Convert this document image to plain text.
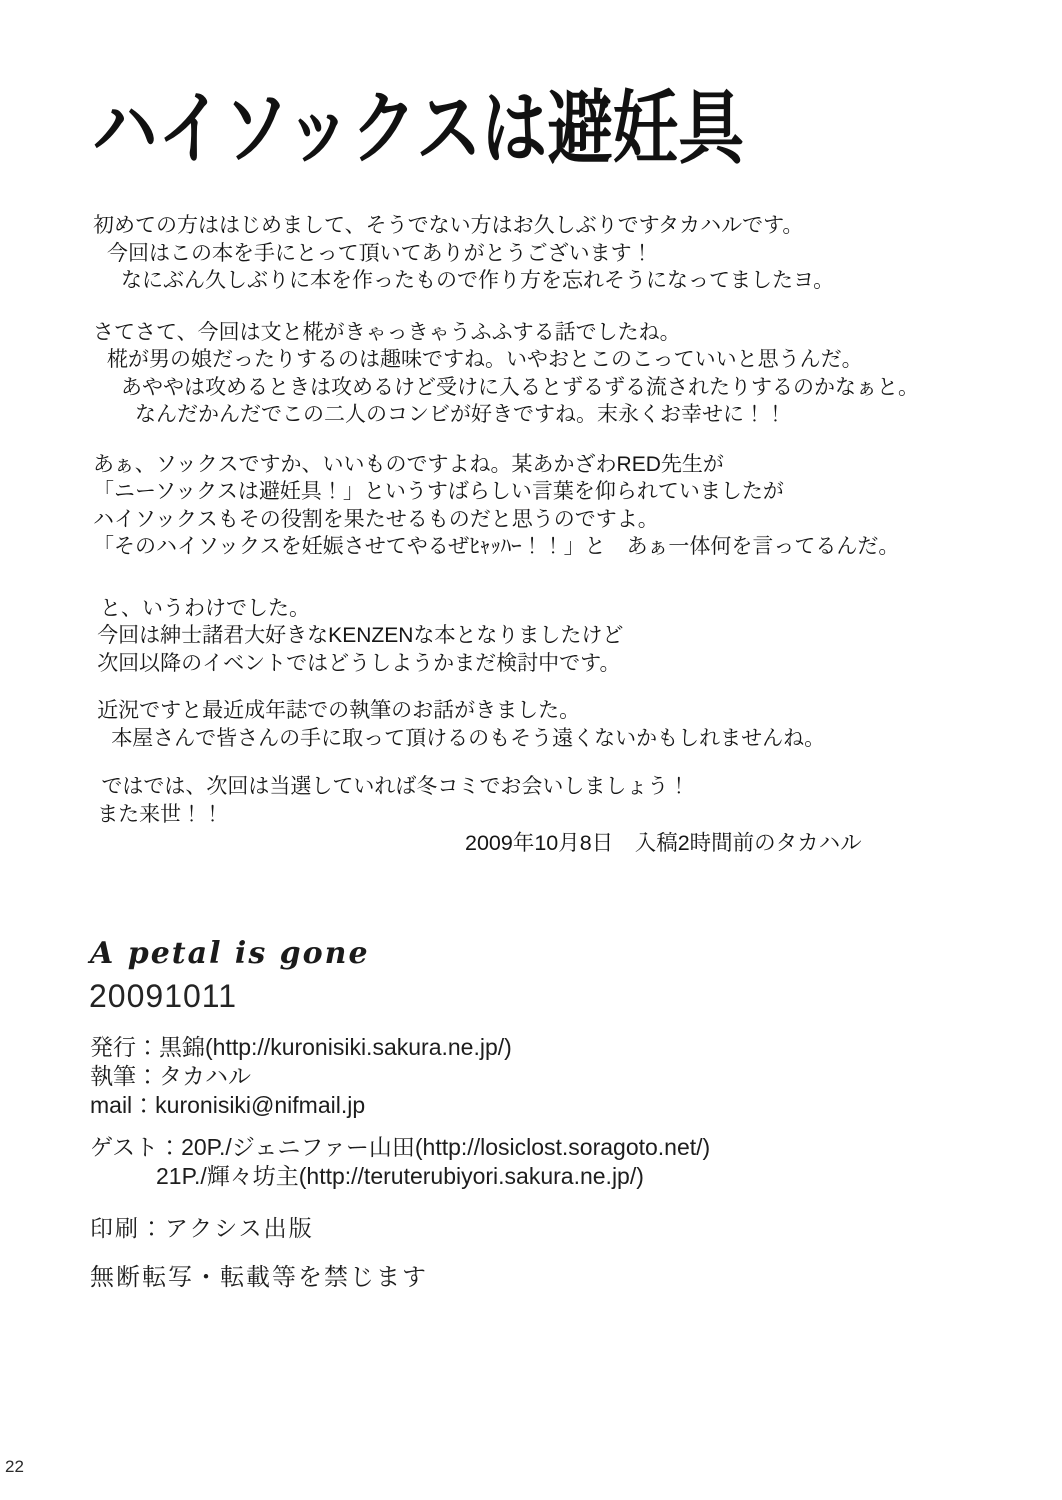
ハイソックスは避妊具

初めての方ははじめまして、そうでない方はお久しぶりですタカハルです。
今回はこの本を手にとって頂いてありがとうございます！
なにぶん久しぶりに本を作ったもので作り方を忘れそうになってましたヨ。

さてさて、今回は文と椛がきゃっきゃうふふする話でしたね。
椛が男の娘だったりするのは趣味ですね。いやおとこのこっていいと思うんだ。
あややは攻めるときは攻めるけど受けに入るとずるずる流されたりするのかなぁと。
なんだかんだでこの二人のコンビが好きですね。末永くお幸せに！！

あぁ、ソックスですか、いいものですよね。某あかざわRED先生が
「ニーソックスは避妊具！」というすばらしい言葉を仰られていましたが
ハイソックスもその役割を果たせるものだと思うのですよ。
「そのハイソックスを妊娠させてやるぜﾋｬｯﾊｰ！！」と　あぁ一体何を言ってるんだ。

と、いうわけでした。
今回は紳士諸君大好きなKENZENな本となりましたけど
次回以降のイベントではどうしようかまだ検討中です。

近況ですと最近成年誌での執筆のお話がきました。
本屋さんで皆さんの手に取って頂けるのもそう遠くないかもしれませんね。

ではでは、次回は当選していれば冬コミでお会いしましょう！
また来世！！

2009年10月8日　入稿2時間前のタカハル
A petal is gone
20091011
発行：黒錦(http://kuronisiki.sakura.ne.jp/)
執筆：タカハル
mail：kuronisiki@nifmail.jp
ゲスト：20P./ジェニファー山田(http://losiclost.soragoto.net/)
21P./輝々坊主(http://teruterubiyori.sakura.ne.jp/)
印刷：アクシス出版
無断転写・転載等を禁じます
22
